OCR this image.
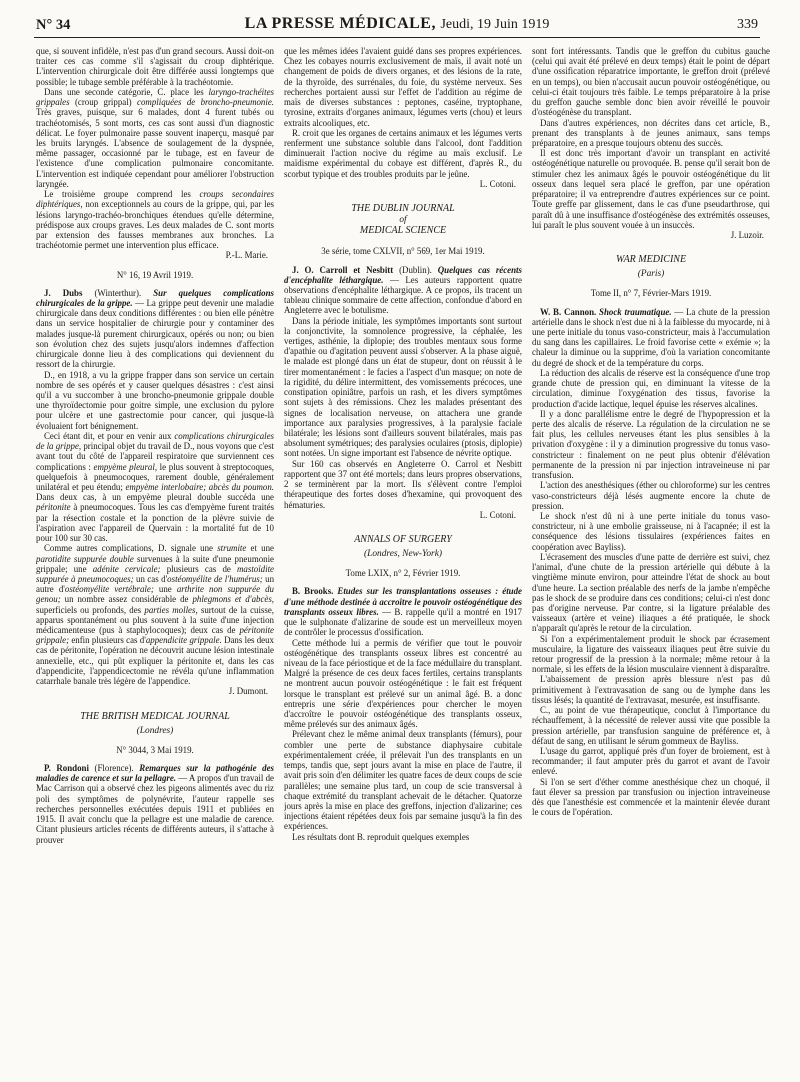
N° 34	LA PRESSE MÉDICALE, Jeudi, 19 Juin 1919	339

que, si souvent infidèle, n'est pas d'un grand secours. Aussi doit-on traiter ces cas comme s'il s'agissait du croup diphtérique. L'intervention chirurgicale doit être différée aussi longtemps que possible; le tubage semble préférable à la trachéotomie.

Dans une seconde catégorie, C. place les laryngo-trachéites grippales (croup grippal) compliquées de broncho-pneumonie. Très graves, puisque, sur 6 malades, dont 4 furent tubés ou trachéotomisés, 5 sont morts, ces cas sont aussi d'un diagnostic délicat. Le foyer pulmonaire passe souvent inaperçu, masqué par les bruits laryngés. L'absence de soulagement de la dyspnée, même passager, occasionné par le tubage, est en faveur de l'existence d'une complication pulmonaire concomitante. L'intervention est indiquée cependant pour améliorer l'obstruction laryngée.

Le troisième groupe comprend les croups secondaires diphtériques, non exceptionnels au cours de la grippe, qui, par les lésions laryngo-trachéo-bronchiques étendues qu'elle détermine, prédispose aux croups graves. Les deux malades de C. sont morts par extension des fausses membranes aux bronches. La trachéotomie permet une intervention plus efficace.

P.-L. Marie.

N° 16, 19 Avril 1919.

J. Dubs (Winterthur). Sur quelques complications chirurgicales de la grippe. — La grippe peut devenir une maladie chirurgicale dans deux conditions différentes : ou bien elle pénètre dans un service hospitalier de chirurgie pour y contaminer des malades jusque-là purement chirurgicaux, opérés ou non; ou bien son évolution chez des sujets jusqu'alors indemnes d'affection chirurgicale donne lieu à des complications qui deviennent du ressort de la chirurgie.

D., en 1918, a vu la grippe frapper dans son service un certain nombre de ses opérés et y causer quelques désastres : c'est ainsi qu'il a vu succomber à une broncho-pneumonie grippale double une thyroïdectomie pour goitre simple, une exclusion du pylore pour ulcère et une gastrectomie pour cancer, qui jusque-là évoluaient fort bénignement.

Ceci étant dit, et pour en venir aux complications chirurgicales de la grippe, principal objet du travail de D., nous voyons que c'est avant tout du côté de l'appareil respiratoire que surviennent ces complications : empyème pleural, le plus souvent à streptocoques, quelquefois à pneumocoques, rarement double, généralement unilatéral et peu étendu; empyème interlobaire; abcès du poumon. Dans deux cas, à un empyème pleural double succéda une péritonite à pneumocoques. Tous les cas d'empyème furent traités par la résection costale et la ponction de la plèvre suivie de l'aspiration avec l'appareil de Quervain : la mortalité fut de 10 pour 100 sur 30 cas.

Comme autres complications, D. signale une strumite et une parotidite suppurée double survenues à la suite d'une pneumonie grippale; une adénite cervicale; plusieurs cas de mastoïdite suppurée à pneumocoques; un cas d'ostéomyélite de l'humérus; un autre d'ostéomyélite vertébrale; une arthrite non suppurée du genou; un nombre assez considérable de phlegmons et d'abcès, superficiels ou profonds, des parties molles, surtout de la cuisse, apparus spontanément ou plus souvent à la suite d'une injection médicamenteuse (pus à staphylocoques); deux cas de péritonite grippale; enfin plusieurs cas d'appendicite grippale. Dans les deux cas de péritonite, l'opération ne découvrit aucune lésion intestinale annexielle, etc., qui pût expliquer la péritonite et, dans les cas d'appendicite, l'appendicectomie ne révéla qu'une inflammation catarrhale banale très légère de l'appendice.

J. Dumont.

THE BRITISH MEDICAL JOURNAL

(Londres)

N° 3044, 3 Mai 1919.

P. Rondoni (Florence). Remarques sur la pathogénie des maladies de carence et sur la pellagre. — A propos d'un travail de Mac Carrison qui a observé chez les pigeons alimentés avec du riz poli des symptômes de polynévrite, l'auteur rappelle ses recherches personnelles exécutées depuis 1911 et publiées en 1915. Il avait conclu que la pellagre est une maladie de carence. Citant plusieurs articles récents de différents auteurs, il s'attache à prouver

que les mêmes idées l'avaient guidé dans ses propres expériences. Chez les cobayes nourris exclusivement de maïs, il avait noté un changement de poids de divers organes, et des lésions de la rate, de la thyroïde, des surrénales, du foie, du système nerveux. Ses recherches portaient aussi sur l'effet de l'addition au régime de maïs de diverses substances : peptones, caséine, tryptophane, tyrosine, extraits d'organes animaux, légumes verts (chou) et leurs extraits alcooliques, etc.

R. croit que les organes de certains animaux et les légumes verts renferment une substance soluble dans l'alcool, dont l'addition diminuerait l'action nocive du régime au maïs exclusif. Le maïdisme expérimental du cobaye est différent, d'après R., du scorbut typique et des troubles produits par le jeûne.

L. Cotoni.

THE DUBLIN JOURNAL

of

MEDICAL SCIENCE

3e série, tome CXLVII, n° 569, 1er Mai 1919.

J. O. Carroll et Nesbitt (Dublin). Quelques cas récents d'encéphalite léthargique. — Les auteurs rapportent quatre observations d'encéphalite léthargique. A ce propos, ils tracent un tableau clinique sommaire de cette affection, confondue d'abord en Angleterre avec le botulisme.

Dans la période initiale, les symptômes importants sont surtout la conjonctivite, la somnolence progressive, la céphalée, les vertiges, asthénie, la diplopie; des troubles mentaux sous forme d'apathie ou d'agitation peuvent aussi s'observer. A la phase aiguë, le malade est plongé dans un état de stupeur, dont on réussit à le tirer momentanément : le facies a l'aspect d'un masque; on note de la rigidité, du délire intermittent, des vomissements précoces, une constipation opiniâtre, parfois un rash, et les divers symptômes sont sujets à des rémissions. Chez les malades présentant des signes de localisation nerveuse, on attachera une grande importance aux paralysies progressives, à la paralysie faciale bilatérale; les lésions sont d'ailleurs souvent bilatérales, mais pas absolument symétriques; des paralysies oculaires (ptosis, diplopie) sont notées. Un signe important est l'absence de névrite optique.

Sur 160 cas observés en Angleterre O. Carrol et Nesbitt rapportent que 37 ont été mortels; dans leurs propres observations, 2 se terminèrent par la mort. Ils s'élèvent contre l'emploi thérapeutique des fortes doses d'hexamine, qui provoquent des hématuries.

L. Cotoni.

ANNALS OF SURGERY

(Londres, New-York)

Tome LXIX, n° 2, Février 1919.

B. Brooks. Etudes sur les transplantations osseuses : étude d'une méthode destinée à accroître le pouvoir ostéogénétique des transplants osseux libres. — B. rappelle qu'il a montré en 1917 que le sulphonate d'alizarine de soude est un merveilleux moyen de contrôler le processus d'ossification.

Cette méthode lui a permis de vérifier que tout le pouvoir ostéogénétique des transplants osseux libres est concentré au niveau de la face périostique et de la face médullaire du transplant. Malgré la présence de ces deux faces fertiles, certains transplants ne montrent aucun pouvoir ostéogénétique : le fait est fréquent lorsque le transplant est prélevé sur un animal âgé. B. a donc entrepris une série d'expériences pour chercher le moyen d'accroître le pouvoir ostéogénétique des transplants osseux, même prélevés sur des animaux âgés.

Prélevant chez le même animal deux transplants (fémurs), pour combler une perte de substance diaphysaire cubitale expérimentalement créée, il prélevait l'un des transplants en un temps, tandis que, sept jours avant la mise en place de l'autre, il avait pris soin d'en délimiter les quatre faces de deux coups de scie parallèles; une semaine plus tard, un coup de scie transversal à chaque extrémité du transplant achevait de le détacher. Quatorze jours après la mise en place des greffons, injection d'alizarine; ces injections étaient répétées deux fois par semaine jusqu'à la fin des expériences.

Les résultats dont B. reproduit quelques exemples

sont fort intéressants. Tandis que le greffon du cubitus gauche (celui qui avait été prélevé en deux temps) était le point de départ d'une ossification réparatrice importante, le greffon droit (prélevé en un temps), ou bien n'accusait aucun pouvoir ostéogénétique, ou celui-ci était toujours très faible. Le temps préparatoire à la prise du greffon gauche semble donc bien avoir réveillé le pouvoir d'ostéogénèse du transplant.

Dans d'autres expériences, non décrites dans cet article, B., prenant des transplants à de jeunes animaux, sans temps préparatoire, en a presque toujours obtenu des succès.

Il est donc très important d'avoir un transplant en activité ostéogénétique naturelle ou provoquée. B. pense qu'il serait bon de stimuler chez les animaux âgés le pouvoir ostéogénétique du lit osseux dans lequel sera placé le greffon, par une opération préparatoire; il va entreprendre d'autres expériences sur ce point. Toute greffe par glissement, dans le cas d'une pseudarthrose, qui paraît dû à une insuffisance d'ostéogénèse des extrémités osseuses, lui paraît le plus souvent vouée à un insuccès.

J. Luzoir.

WAR MEDICINE

(Paris)

Tome II, n° 7, Février-Mars 1919.

W. B. Cannon. Shock traumatique. — La chute de la pression artérielle dans le shock n'est due ni à la faiblesse du myocarde, ni à une perte initiale du tonus vaso-constricteur, mais à l'accumulation du sang dans les capillaires. Le froid favorise cette « exémie »; la chaleur la diminue ou la supprime, d'où la variation concomitante du degré de shock et de la température du corps.

La réduction des alcalis de réserve est la conséquence d'une trop grande chute de pression qui, en diminuant la vitesse de la circulation, diminue l'oxygénation des tissus, favorise la production d'acide lactique, lequel épuise les réserves alcalines.

Il y a donc parallélisme entre le degré de l'hypopression et la perte des alcalis de réserve. La régulation de la circulation ne se fait plus, les cellules nerveuses étant les plus sensibles à la privation d'oxygène : il y a diminution progressive du tonus vaso-constricteur : finalement on ne peut plus obtenir d'élévation permanente de la pression ni par injection intraveineuse ni par transfusion.

L'action des anesthésiques (éther ou chloroforme) sur les centres vaso-constricteurs déjà lésés augmente encore la chute de pression.

Le shock n'est dû ni à une perte initiale du tonus vaso-constricteur, ni à une embolie graisseuse, ni à l'acapnée; il est la conséquence des lésions tissulaires (expériences faites en coopération avec Bayliss).

L'écrasement des muscles d'une patte de derrière est suivi, chez l'animal, d'une chute de la pression artérielle qui débute à la vingtième minute environ, pour atteindre l'état de shock au bout d'une heure. La section préalable des nerfs de la jambe n'empêche pas le shock de se produire dans ces conditions; celui-ci n'est donc pas d'origine nerveuse. Par contre, si la ligature préalable des vaisseaux (artère et veine) iliaques a été pratiquée, le shock n'apparaît qu'après le retour de la circulation.

Si l'on a expérimentalement produit le shock par écrasement musculaire, la ligature des vaisseaux iliaques peut être suivie du retour progressif de la pression à la normale; même retour à la normale, si les effets de la lésion musculaire viennent à disparaître.

L'abaissement de pression après blessure n'est pas dû primitivement à l'extravasation de sang ou de lymphe dans les tissus lésés; la quantité de l'extravasat, mesurée, est insuffisante.

C., au point de vue thérapeutique, conclut à l'importance du réchauffement, à la nécessité de relever aussi vite que possible la pression artérielle, par transfusion sanguine de préférence et, à défaut de sang, en utilisant le sérum gommeux de Bayliss.

L'usage du garrot, appliqué près d'un foyer de broiement, est à recommander; il faut amputer près du garrot et avant de l'avoir enlevé.

Si l'on se sert d'éther comme anesthésique chez un choqué, il faut élever sa pression par transfusion ou injection intraveineuse dès que l'anesthésie est commencée et la maintenir élevée durant le cours de l'opération.
